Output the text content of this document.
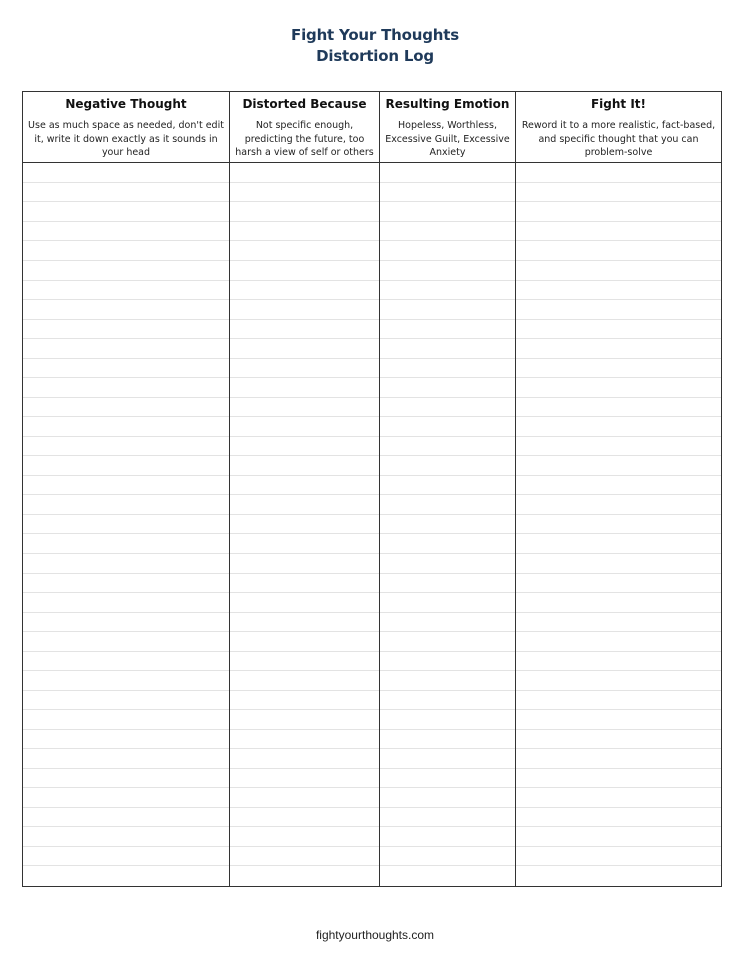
Fight Your Thoughts
Distortion Log
Negative Thought
Use as much space as needed, don't edit it, write it down exactly as it sounds in your head
Distorted Because
Not specific enough, predicting the future, too harsh a view of self or others
Resulting Emotion
Hopeless, Worthless, Excessive Guilt, Excessive Anxiety
Fight It!
Reword it to a more realistic, fact-based, and specific thought that you can problem-solve
fightyourthoughts.com
